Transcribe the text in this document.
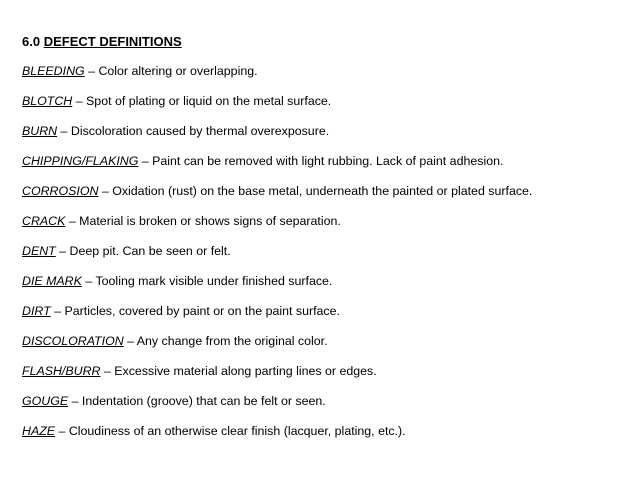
6.0 DEFECT DEFINITIONS
BLEEDING – Color altering or overlapping.
BLOTCH – Spot of plating or liquid on the metal surface.
BURN – Discoloration caused by thermal overexposure.
CHIPPING/FLAKING – Paint can be removed with light rubbing. Lack of paint adhesion.
CORROSION – Oxidation (rust) on the base metal, underneath the painted or plated surface.
CRACK – Material is broken or shows signs of separation.
DENT – Deep pit. Can be seen or felt.
DIE MARK – Tooling mark visible under finished surface.
DIRT – Particles, covered by paint or on the paint surface.
DISCOLORATION – Any change from the original color.
FLASH/BURR – Excessive material along parting lines or edges.
GOUGE – Indentation (groove) that can be felt or seen.
HAZE – Cloudiness of an otherwise clear finish (lacquer, plating, etc.).
